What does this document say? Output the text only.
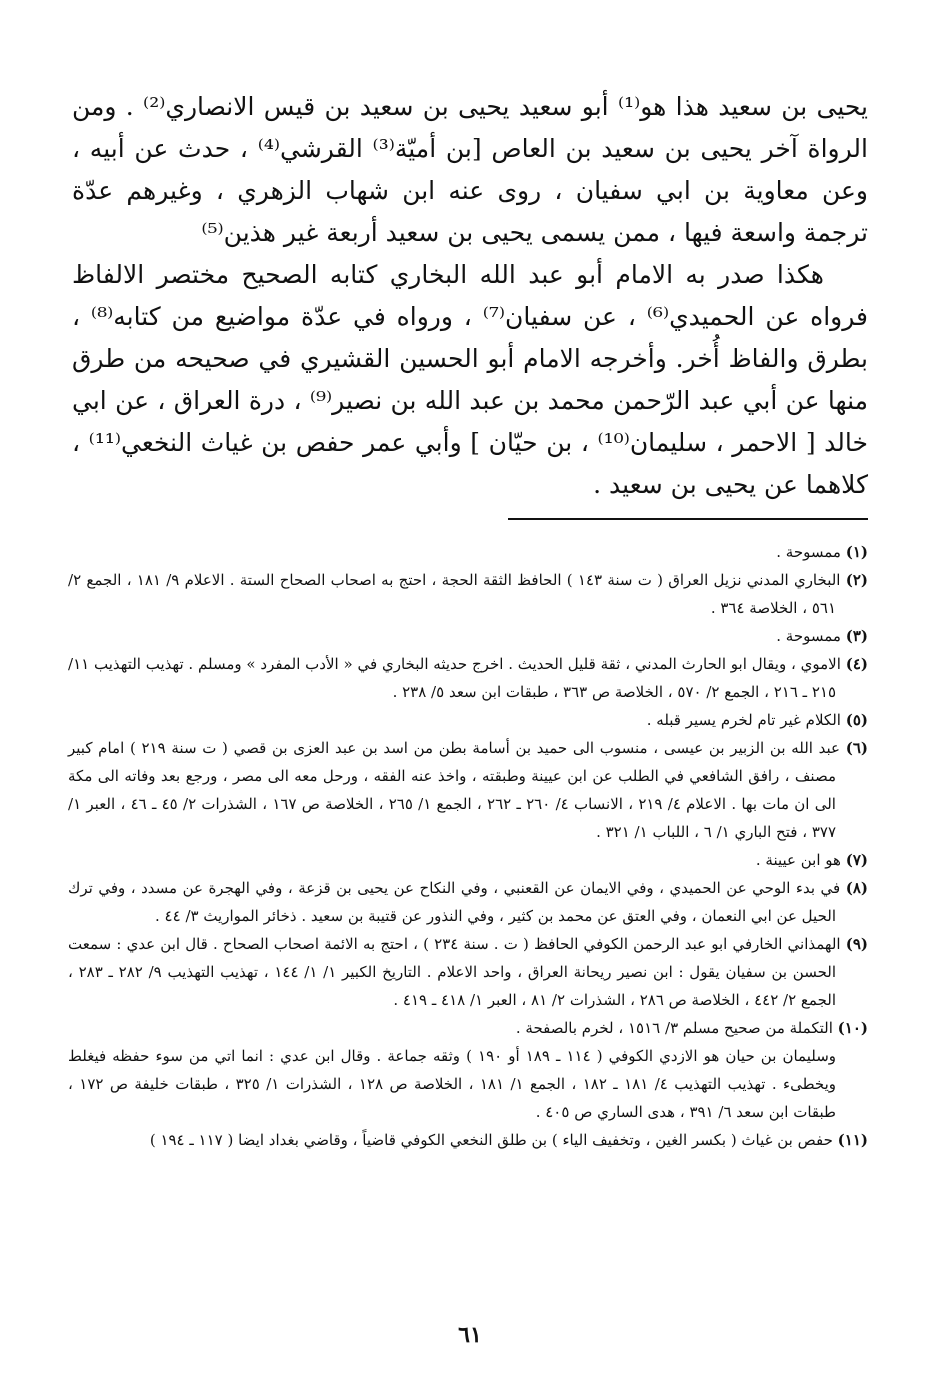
يحيى بن سعيد هذا هو⁽¹⁾ أبو سعيد يحيى بن سعيد بن قيس الانصاري⁽²⁾ . ومن الرواة آخر يحيى بن سعيد بن العاص [بن أميّة⁽³⁾ القرشي⁽⁴⁾ ، حدث عن أبيه ، وعن معاوية بن ابي سفيان ، روى عنه ابن شهاب الزهري ، وغيرهم عدّة ترجمة واسعة فيها ، ممن يسمى يحيى بن سعيد أربعة غير هذين⁽⁵⁾

هكذا صدر به الامام أبو عبد الله البخاري كتابه الصحيح مختصر الالفاظ فرواه عن الحميدي⁽⁶⁾ ، عن سفيان⁽⁷⁾ ، ورواه في عدّة مواضيع من كتابه⁽⁸⁾ ، بطرق والفاظ أُخر. وأخرجه الامام أبو الحسين القشيري في صحيحه من طرق منها عن أبي عبد الرّحمن محمد بن عبد الله بن نصير⁽⁹⁾ ، درة العراق ، عن ابي خالد [ الاحمر ، سليمان⁽¹⁰⁾ ، بن حيّان ] وأبي عمر حفص بن غياث النخعي⁽¹¹⁾ ، كلاهما عن يحيى بن سعيد .

(١) ممسوحة .

(٢) البخاري المدني نزيل العراق ( ت سنة ١٤٣ ) الحافظ الثقة الحجة ، احتج به اصحاب الصحاح الستة . الاعلام ٩/ ١٨١ ، الجمع ٢/ ٥٦١ ، الخلاصة ٣٦٤ .

(٣) ممسوحة .

(٤) الاموي ، ويقال ابو الحارث المدني ، ثقة قليل الحديث . اخرج حديثه البخاري في « الأدب المفرد » ومسلم . تهذيب التهذيب ١١/ ٢١٥ ـ ٢١٦ ، الجمع ٢/ ٥٧٠ ، الخلاصة ص ٣٦٣ ، طبقات ابن سعد ٥/ ٢٣٨ .

(٥) الكلام غير تام لخرم يسير قبله .

(٦) عبد الله بن الزبير بن عيسى ، منسوب الى حميد بن أسامة بطن من اسد بن عبد العزى بن قصي ( ت سنة ٢١٩ ) امام كبير مصنف ، رافق الشافعي في الطلب عن ابن عيينة وطبقته ، واخذ عنه الفقه ، ورحل معه الى مصر ، ورجع بعد وفاته الى مكة الى ان مات بها . الاعلام ٤/ ٢١٩ ، الانساب ٤/ ٢٦٠ ـ ٢٦٢ ، الجمع ١/ ٢٦٥ ، الخلاصة ص ١٦٧ ، الشذرات ٢/ ٤٥ ـ ٤٦ ، العبر ١/ ٣٧٧ ، فتح الباري ١/ ٦ ، اللباب ١/ ٣٢١ .

(٧) هو ابن عيينة .

(٨) في بدء الوحي عن الحميدي ، وفي الايمان عن القعنبي ، وفي النكاح عن يحيى بن قزعة ، وفي الهجرة عن مسدد ، وفي ترك الحيل عن ابي النعمان ، وفي العتق عن محمد بن كثير ، وفي النذور عن قتيبة بن سعيد . ذخائر المواريث ٣/ ٤٤ .

(٩) الهمذاني الخارفي ابو عبد الرحمن الكوفي الحافظ ( ت . سنة ٢٣٤ ) ، احتج به الائمة اصحاب الصحاح . قال ابن عدي : سمعت الحسن بن سفيان يقول : ابن نصير ريحانة العراق ، واحد الاعلام . التاريخ الكبير ١/ ١/ ١٤٤ ، تهذيب التهذيب ٩/ ٢٨٢ ـ ٢٨٣ ، الجمع ٢/ ٤٤٢ ، الخلاصة ص ٢٨٦ ، الشذرات ٢/ ٨١ ، العبر ١/ ٤١٨ ـ ٤١٩ .

(١٠) التكملة من صحيح مسلم ٣/ ١٥١٦ ، لخرم بالصفحة .

وسليمان بن حيان هو الازدي الكوفي ( ١١٤ ـ ١٨٩ أو ١٩٠ ) وثقه جماعة . وقال ابن عدي : انما اتي من سوء حفظه فيغلط ويخطىء . تهذيب التهذيب ٤/ ١٨١ ـ ١٨٢ ، الجمع ١/ ١٨١ ، الخلاصة ص ١٢٨ ، الشذرات ١/ ٣٢٥ ، طبقات خليفة ص ١٧٢ ، طبقات ابن سعد ٦/ ٣٩١ ، هدى الساري ص ٤٠٥ .

(١١) حفص بن غياث ( بكسر الغين ، وتخفيف الياء ) بن طلق النخعي الكوفي قاضياً ، وقاضي بغداد ايضا ( ١١٧ ـ ١٩٤ )

٦١
